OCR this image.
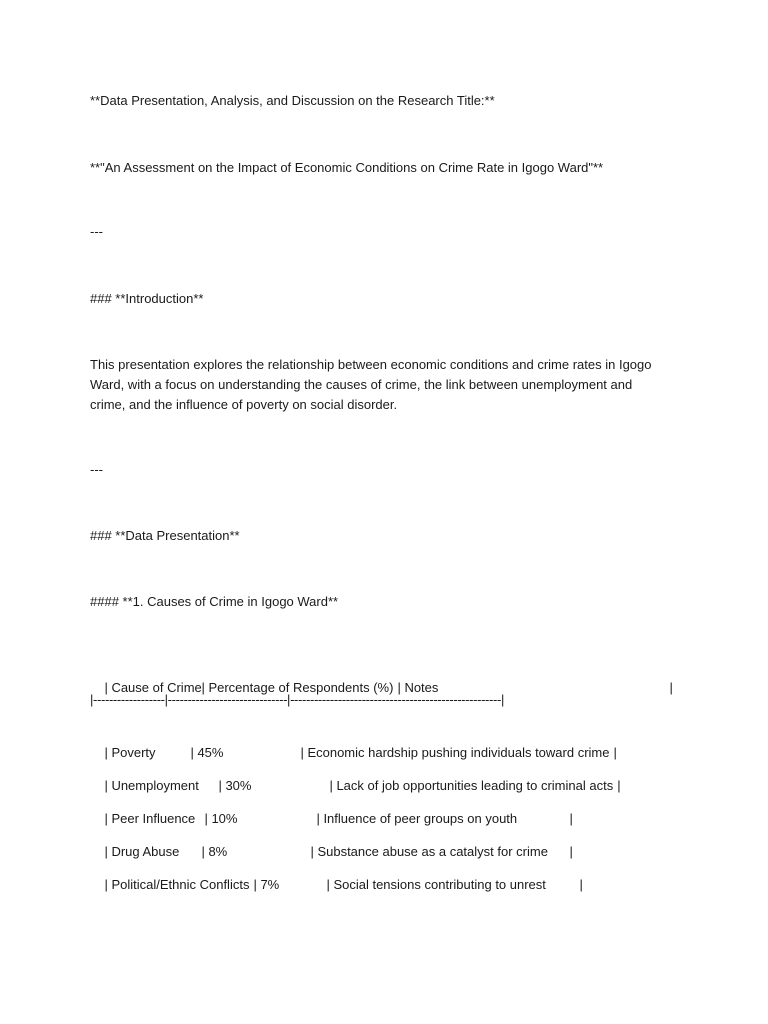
**Data Presentation, Analysis, and Discussion on the Research Title:**

**"An Assessment on the Impact of Economic Conditions on Crime Rate in Igogo Ward"**

---

### **Introduction**

This presentation explores the relationship between economic conditions and crime rates in Igogo Ward, with a focus on understanding the causes of crime, the link between unemployment and crime, and the influence of poverty on social disorder.

---

### **Data Presentation**

#### **1. Causes of Crime in Igogo Ward**

| Cause of Crime| Percentage of Respondents (%) | Notes	|

|------------------|------------------------------|-----------------------------------------------------|

| Poverty	| 45%	| Economic hardship pushing individuals toward crime |

| Unemployment | 30%	| Lack of job opportunities leading to criminal acts |

| Peer Influence | 10%	| Influence of peer groups on youth	|

| Drug Abuse | 8%	| Substance abuse as a catalyst for crime |

| Political/Ethnic Conflicts | 7%	| Social tensions contributing to unrest	|
